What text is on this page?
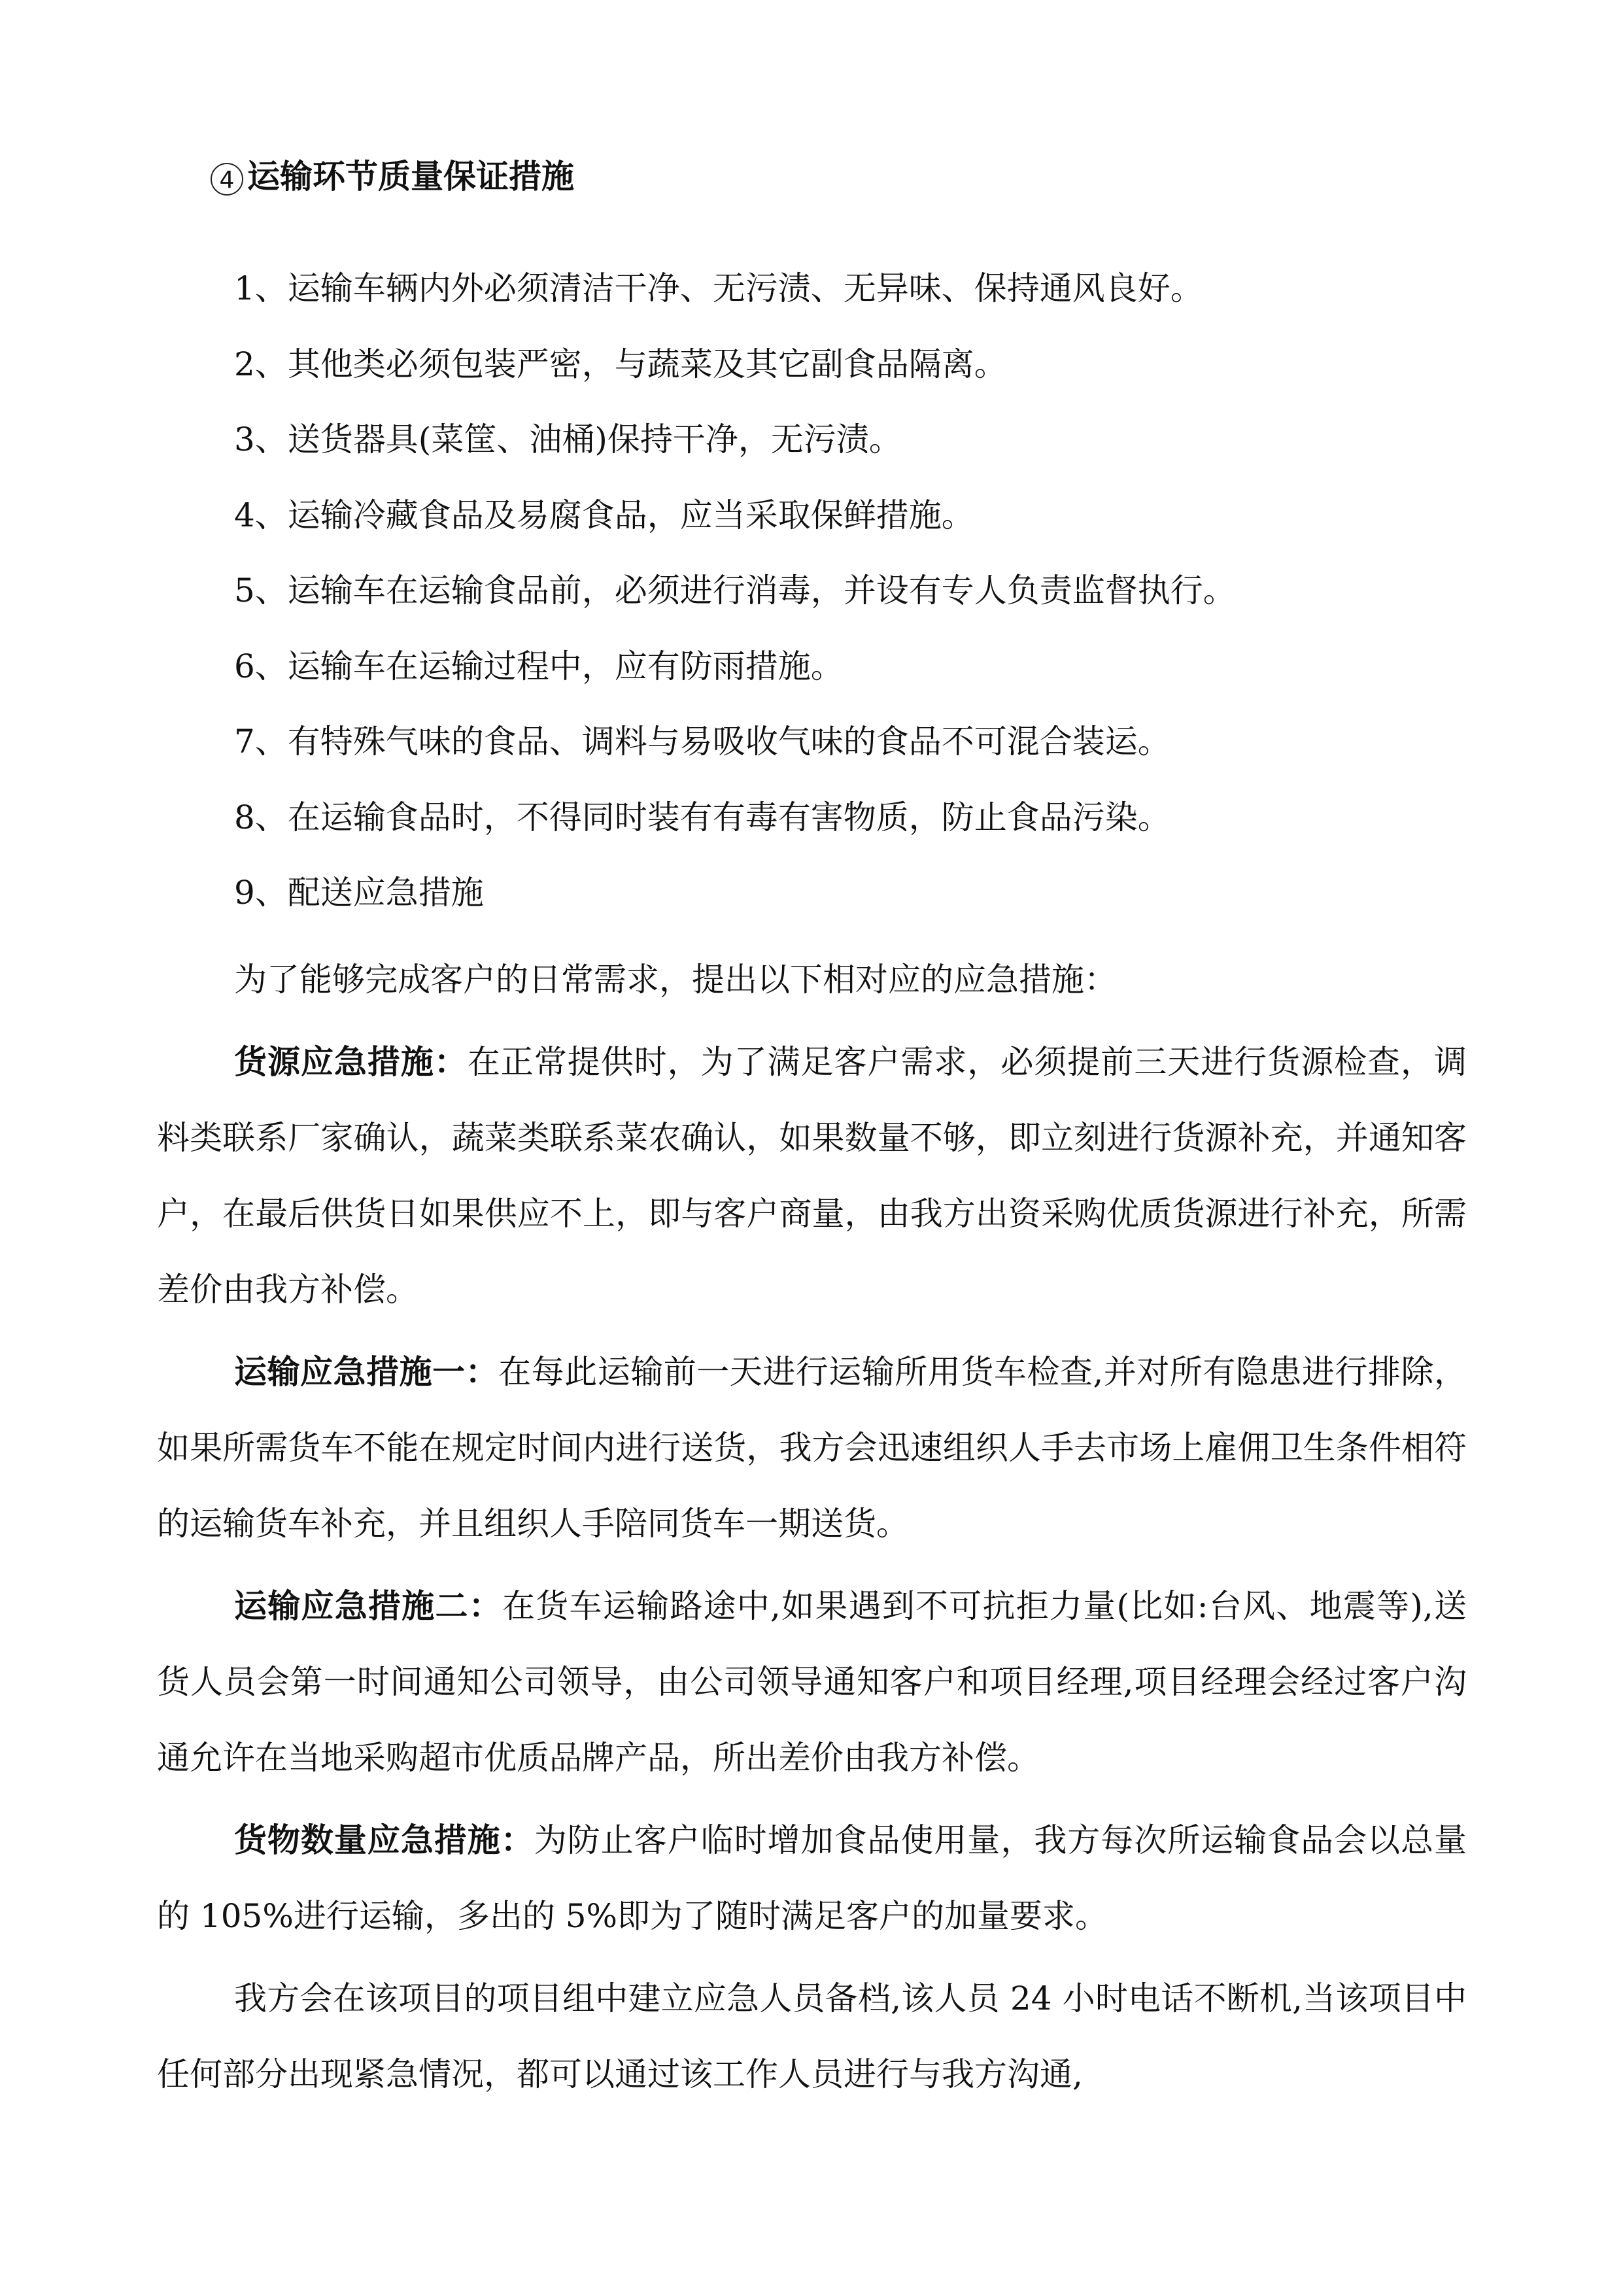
4 运输环节质量保证措施
1、运输车辆内外必须清洁干净、无污渍、无异味、保持通风良好。
2、其他类必须包装严密，与蔬菜及其它副食品隔离。
3、送货器具(菜筐、油桶)保持干净，无污渍。
4、运输冷藏食品及易腐食品，应当采取保鲜措施。
5、运输车在运输食品前，必须进行消毒，并设有专人负责监督执行。
6、运输车在运输过程中，应有防雨措施。
7、有特殊气味的食品、调料与易吸收气味的食品不可混合装运。
8、在运输食品时，不得同时装有有毒有害物质，防止食品污染。
9、配送应急措施

为了能够完成客户的日常需求，提出以下相对应的应急措施：

货源应急措施：在正常提供时，为了满足客户需求，必须提前三天进行货源检查，调料类联系厂家确认，蔬菜类联系菜农确认，如果数量不够，即立刻进行货源补充，并通知客户，在最后供货日如果供应不上，即与客户商量，由我方出资采购优质货源进行补充，所需差价由我方补偿。

运输应急措施一：在每此运输前一天进行运输所用货车检查,并对所有隐患进行排除，如果所需货车不能在规定时间内进行送货，我方会迅速组织人手去市场上雇佣卫生条件相符的运输货车补充，并且组织人手陪同货车一期送货。

运输应急措施二：在货车运输路途中,如果遇到不可抗拒力量(比如:台风、地震等),送货人员会第一时间通知公司领导，由公司领导通知客户和项目经理,项目经理会经过客户沟通允许在当地采购超市优质品牌产品，所出差价由我方补偿。

货物数量应急措施：为防止客户临时增加食品使用量，我方每次所运输食品会以总量的 105%进行运输，多出的 5%即为了随时满足客户的加量要求。

我方会在该项目的项目组中建立应急人员备档,该人员 24 小时电话不断机,当该项目中任何部分出现紧急情况，都可以通过该工作人员进行与我方沟通,
